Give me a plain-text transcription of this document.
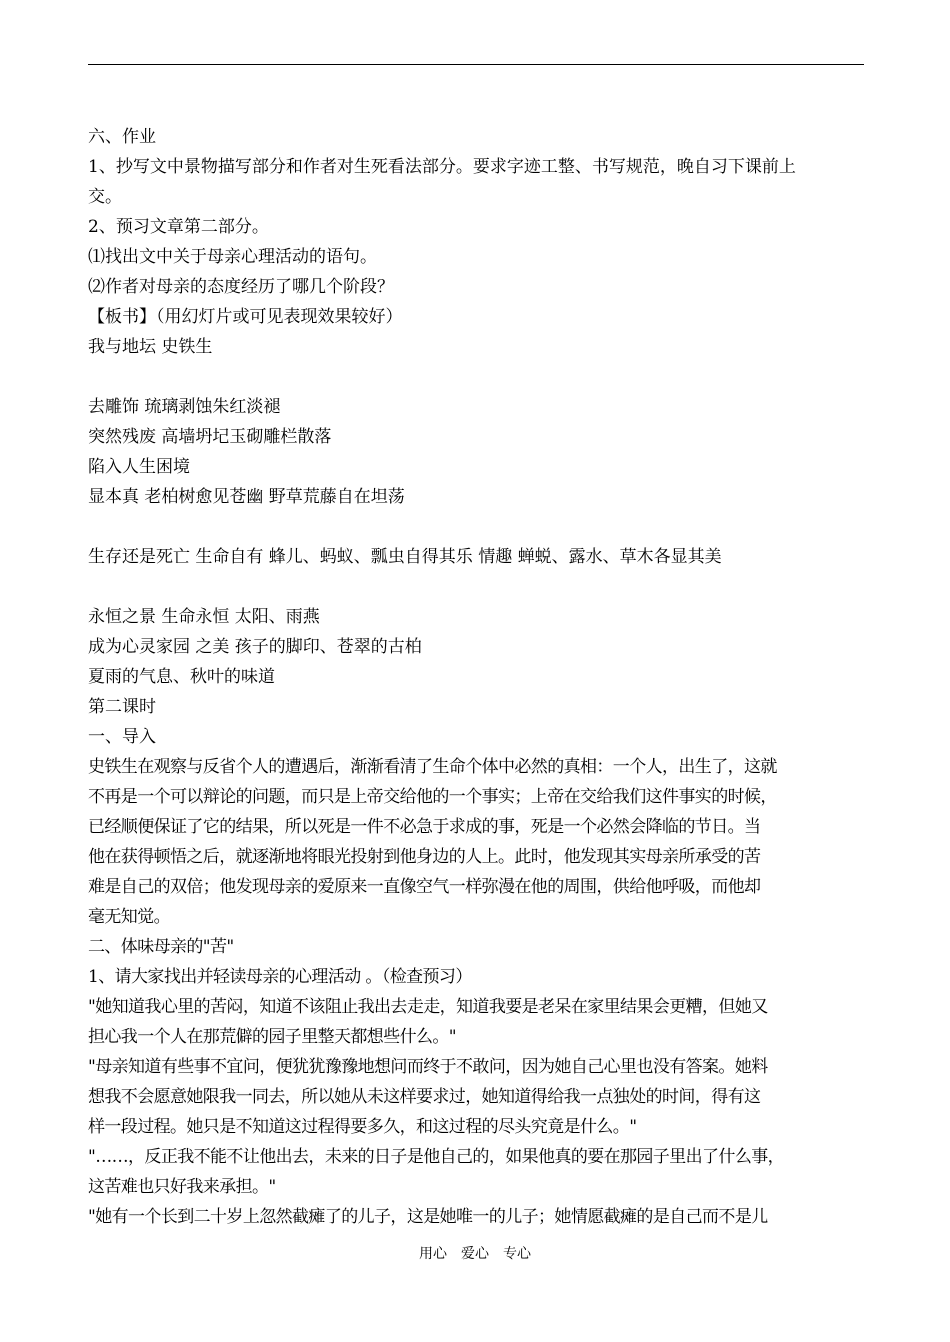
六、作业
1、抄写文中景物描写部分和作者对生死看法部分。要求字迹工整、书写规范，晚自习下课前上
交。
2、预习文章第二部分。
⑴找出文中关于母亲心理活动的语句。
⑵作者对母亲的态度经历了哪几个阶段？
【板书】（用幻灯片或可见表现效果较好）
我与地坛 史铁生
去雕饰 琉璃剥蚀朱红淡褪
突然残废 高墙坍圮玉砌雕栏散落
陷入人生困境
显本真 老柏树愈见苍幽 野草荒藤自在坦荡
生存还是死亡 生命自有 蜂儿、蚂蚁、瓢虫自得其乐 情趣 蝉蜕、露水、草木各显其美
永恒之景 生命永恒 太阳、雨燕
成为心灵家园 之美 孩子的脚印、苍翠的古柏
夏雨的气息、秋叶的味道
第二课时
一、导入
史铁生在观察与反省个人的遭遇后，渐渐看清了生命个体中必然的真相：一个人，出生了，这就
不再是一个可以辩论的问题，而只是上帝交给他的一个事实；上帝在交给我们这件事实的时候，
已经顺便保证了它的结果，所以死是一件不必急于求成的事，死是一个必然会降临的节日。当
他在获得顿悟之后，就逐渐地将眼光投射到他身边的人上。此时，他发现其实母亲所承受的苦
难是自己的双倍；他发现母亲的爱原来一直像空气一样弥漫在他的周围，供给他呼吸，而他却
毫无知觉。
二、体味母亲的"苦"
1、请大家找出并轻读母亲的心理活动 。（检查预习）
"她知道我心里的苦闷，知道不该阻止我出去走走，知道我要是老呆在家里结果会更糟，但她又
担心我一个人在那荒僻的园子里整天都想些什么。"
"母亲知道有些事不宜问，便犹犹豫豫地想问而终于不敢问，因为她自己心里也没有答案。她料
想我不会愿意她限我一同去，所以她从未这样要求过，她知道得给我一点独处的时间，得有这
样一段过程。她只是不知道这过程得要多久，和这过程的尽头究竟是什么。"
"……，反正我不能不让他出去，未来的日子是他自己的，如果他真的要在那园子里出了什么事，
这苦难也只好我来承担。"
"她有一个长到二十岁上忽然截瘫了的儿子，这是她唯一的儿子；她情愿截瘫的是自己而不是儿
用心　爱心　专心
